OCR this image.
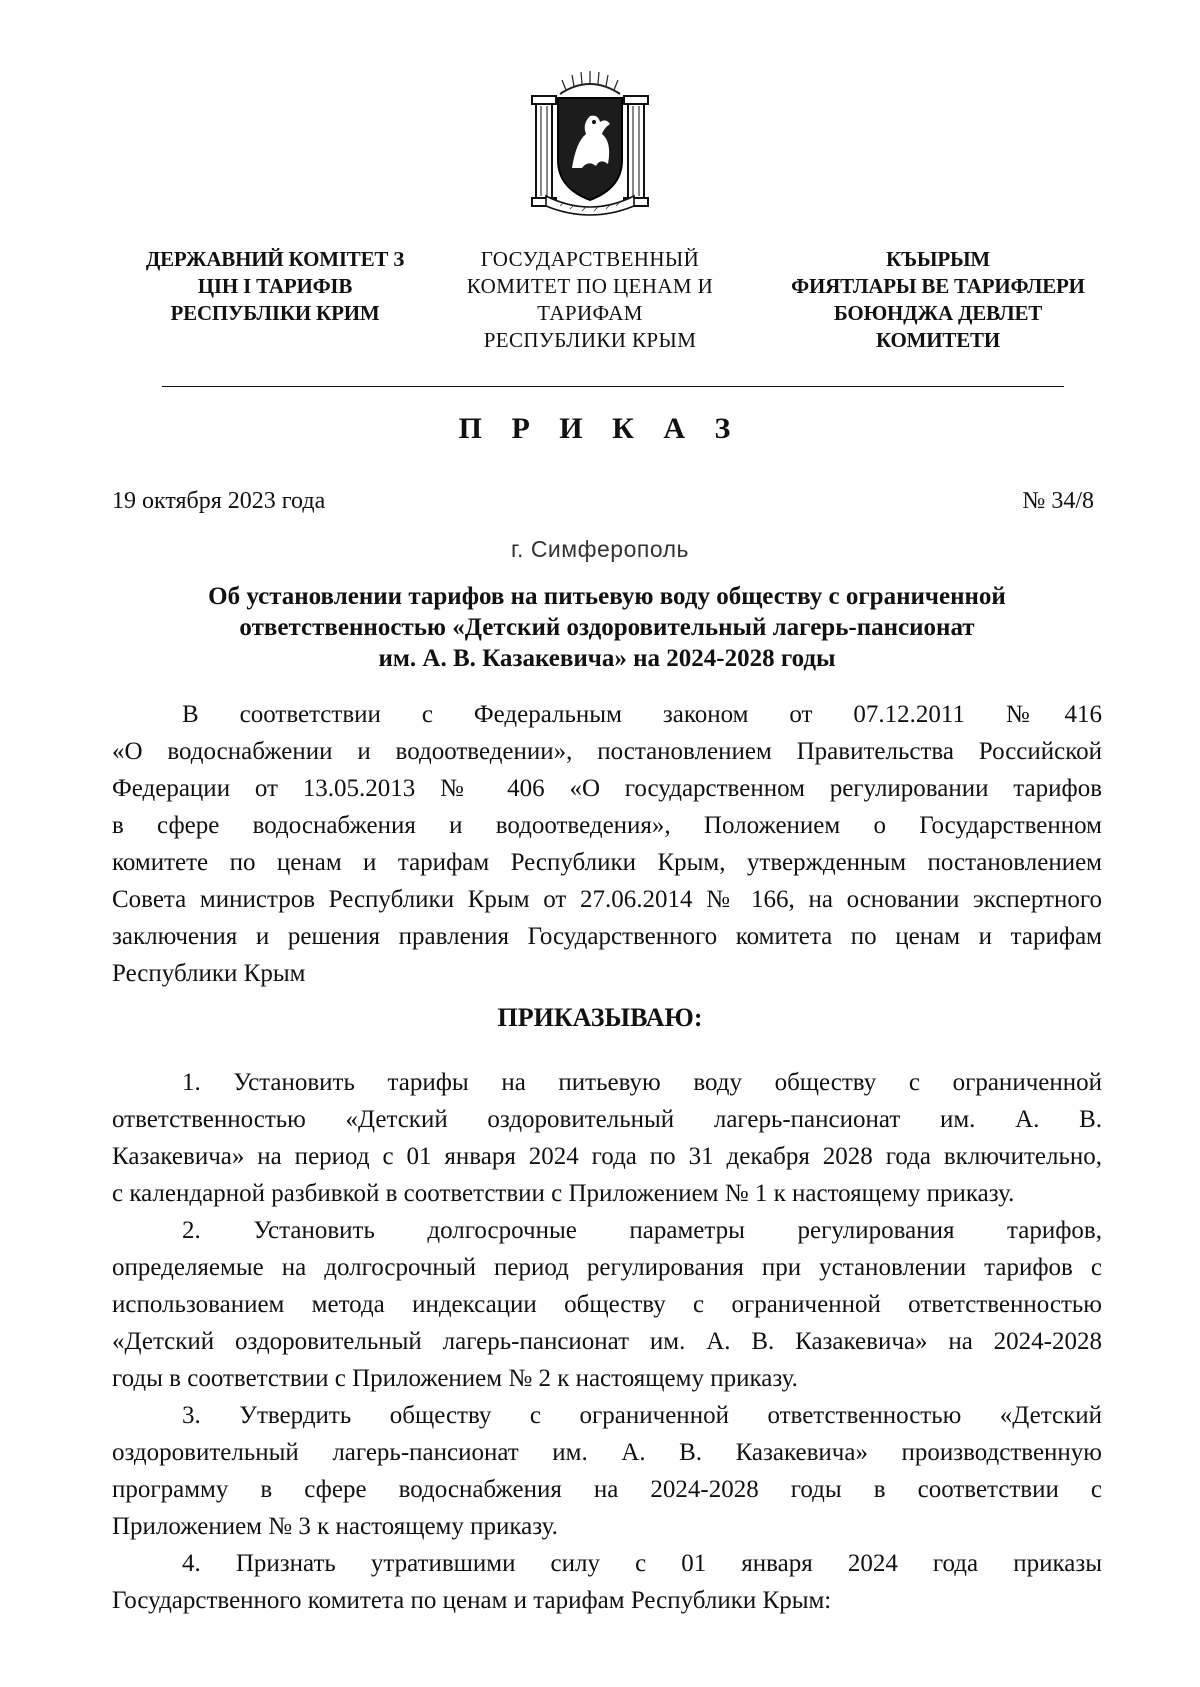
ДЕРЖАВНИЙ КОМІТЕТ З
ЦІН І ТАРИФІВ
РЕСПУБЛІКИ КРИМ
ГОСУДАРСТВЕННЫЙ
КОМИТЕТ ПО ЦЕНАМ И
ТАРИФАМ
РЕСПУБЛИКИ КРЫМ
КЪЫРЫМ
ФИЯТЛАРЫ ВЕ ТАРИФЛЕРИ
БОЮНДЖА ДЕВЛЕТ
КОМИТЕТИ
П Р И К А З
19 октября 2023 года	№ 34/8
г. Симферополь
Об установлении тарифов на питьевую воду обществу с ограниченной
ответственностью «Детский оздоровительный лагерь-пансионат
им. А. В. Казакевича» на 2024-2028 годы
В соответствии с Федеральным законом от 07.12.2011 №416
«О водоснабжении и водоотведении», постановлением Правительства Российской
Федерации от 13.05.2013 № 406 «О государственном регулировании тарифов
в сфере водоснабжения и водоотведения», Положением о Государственном
комитете по ценам и тарифам Республики Крым, утвержденным постановлением
Совета министров Республики Крым от 27.06.2014 № 166, на основании экспертного
заключения и решения правления Государственного комитета по ценам и тарифам
Республики Крым
ПРИКАЗЫВАЮ:
1. Установить тарифы на питьевую воду обществу с ограниченной
ответственностью «Детский оздоровительный лагерь-пансионат им. А. В.
Казакевича» на период с 01 января 2024 года по 31 декабря 2028 года включительно,
с календарной разбивкой в соответствии с Приложением № 1 к настоящему приказу.
2. Установить долгосрочные параметры регулирования тарифов,
определяемые на долгосрочный период регулирования при установлении тарифов с
использованием метода индексации обществу с ограниченной ответственностью
«Детский оздоровительный лагерь-пансионат им. А. В. Казакевича» на 2024-2028
годы в соответствии с Приложением № 2 к настоящему приказу.
3. Утвердить обществу с ограниченной ответственностью «Детский
оздоровительный лагерь-пансионат им. А. В. Казакевича» производственную
программу в сфере водоснабжения на 2024-2028 годы в соответствии с
Приложением № 3 к настоящему приказу.
4. Признать утратившими силу с 01 января 2024 года приказы
Государственного комитета по ценам и тарифам Республики Крым:
